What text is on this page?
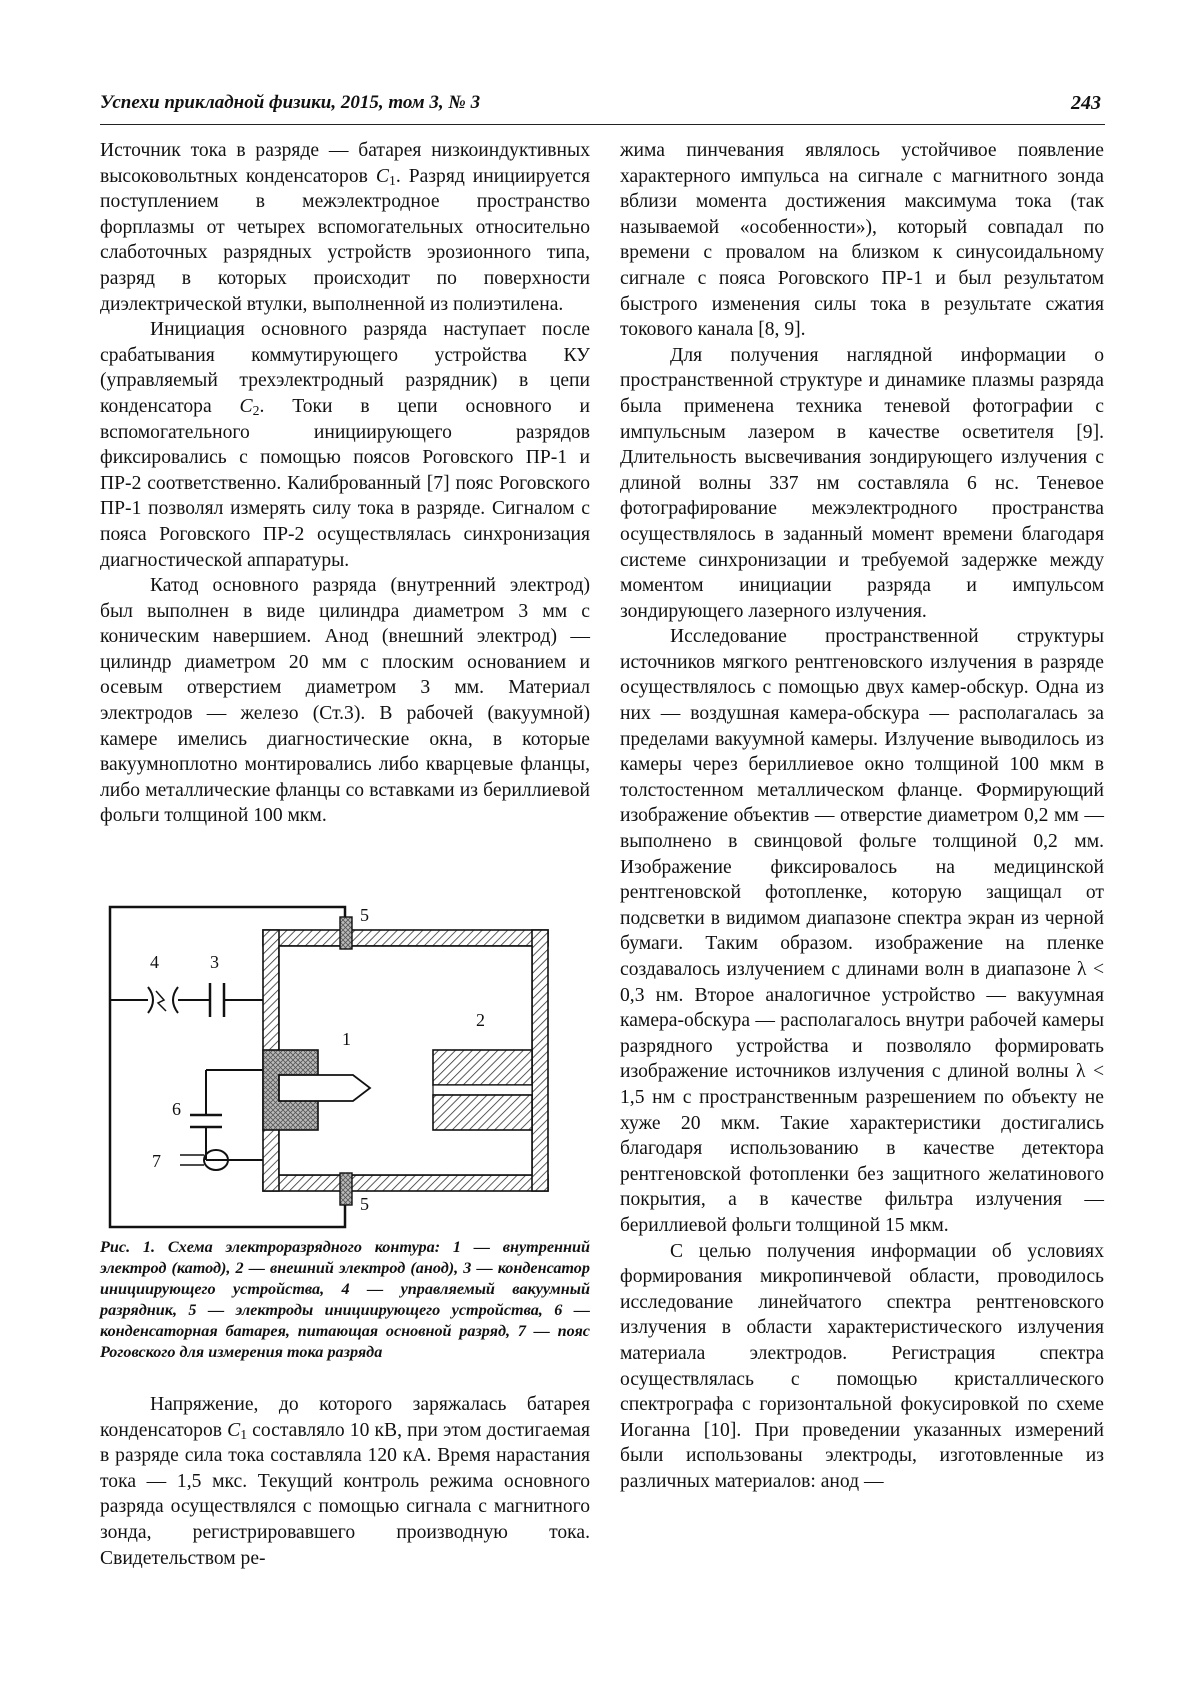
Успехи прикладной физики, 2015, том 3, № 3	243

Источник тока в разряде — батарея низкоиндуктивных высоковольтных конденсаторов $C_1$. Разряд инициируется поступлением в межэлектродное пространство форплазмы от четырех вспомогательных относительно слаботочных разрядных устройств эрозионного типа, разряд в которых происходит по поверхности диэлектрической втулки, выполненной из полиэтилена.

Инициация основного разряда наступает после срабатывания коммутирующего устройства КУ (управляемый трехэлектродный разрядник) в цепи конденсатора $C_2$. Токи в цепи основного и вспомогательного инициирующего разрядов фиксировались с помощью поясов Роговского ПР-1 и ПР-2 соответственно. Калиброванный [7] пояс Роговского ПР-1 позволял измерять силу тока в разряде. Сигналом с пояса Роговского ПР-2 осуществлялась синхронизация диагностической аппаратуры.

Катод основного разряда (внутренний электрод) был выполнен в виде цилиндра диаметром 3 мм с коническим навершием. Анод (внешний электрод) — цилиндр диаметром 20 мм с плоским основанием и осевым отверстием диаметром 3 мм. Материал электродов — железо (Ст.3). В рабочей (вакуумной) камере имелись диагностические окна, в которые вакуумноплотно монтировались либо кварцевые фланцы, либо металлические фланцы со вставками из бериллиевой фольги толщиной 100 мкм.

1
2
3
4
5
5
6
7
Рис. 1. Схема электроразрядного контура: 1 — внутренний электрод (катод), 2 — внешний электрод (анод), 3 — конденсатор инициирующего устройства, 4 — управляемый вакуумный разрядник, 5 — электроды инициирующего устройства, 6 — конденсаторная батарея, питающая основной разряд, 7 — пояс Роговского для измерения тока разряда

Напряжение, до которого заряжалась батарея конденсаторов $C_1$ составляло 10 кВ, при этом достигаемая в разряде сила тока составляла 120 кА. Время нарастания тока — 1,5 мкс. Текущий контроль режима основного разряда осуществлялся с помощью сигнала с магнитного зонда, регистрировавшего производную тока. Свидетельством ре-

жима пинчевания являлось устойчивое появление характерного импульса на сигнале с магнитного зонда вблизи момента достижения максимума тока (так называемой «особенности»), который совпадал по времени с провалом на близком к синусоидальному сигнале с пояса Роговского ПР-1 и был результатом быстрого изменения силы тока в результате сжатия токового канала [8, 9].

Для получения наглядной информации о пространственной структуре и динамике плазмы разряда была применена техника теневой фотографии с импульсным лазером в качестве осветителя [9]. Длительность высвечивания зондирующего излучения с длиной волны 337 нм составляла 6 нс. Теневое фотографирование межэлектродного пространства осуществлялось в заданный момент времени благодаря системе синхронизации и требуемой задержке между моментом инициации разряда и импульсом зондирующего лазерного излучения.

Исследование пространственной структуры источников мягкого рентгеновского излучения в разряде осуществлялось с помощью двух камер-обскур. Одна из них — воздушная камера-обскура — располагалась за пределами вакуумной камеры. Излучение выводилось из камеры через бериллиевое окно толщиной 100 мкм в толстостенном металлическом фланце. Формирующий изображение объектив — отверстие диаметром 0,2 мм — выполнено в свинцовой фольге толщиной 0,2 мм. Изображение фиксировалось на медицинской рентгеновской фотопленке, которую защищал от подсветки в видимом диапазоне спектра экран из черной бумаги. Таким образом. изображение на пленке создавалось излучением с длинами волн в диапазоне λ < 0,3 нм. Второе аналогичное устройство — вакуумная камера-обскура — располагалось внутри рабочей камеры разрядного устройства и позволяло формировать изображение источников излучения с длиной волны λ < 1,5 нм с пространственным разрешением по объекту не хуже 20 мкм. Такие характеристики достигались благодаря использованию в качестве детектора рентгеновской фотопленки без защитного желатинового покрытия, а в качестве фильтра излучения — бериллиевой фольги толщиной 15 мкм.

С целью получения информации об условиях формирования микропинчевой области, проводилось исследование линейчатого спектра рентгеновского излучения в области характеристического излучения материала электродов. Регистрация спектра осуществлялась с помощью кристаллического спектрографа с горизонтальной фокусировкой по схеме Иоганна [10]. При проведении указанных измерений были использованы электроды, изготовленные из различных материалов: анод —
